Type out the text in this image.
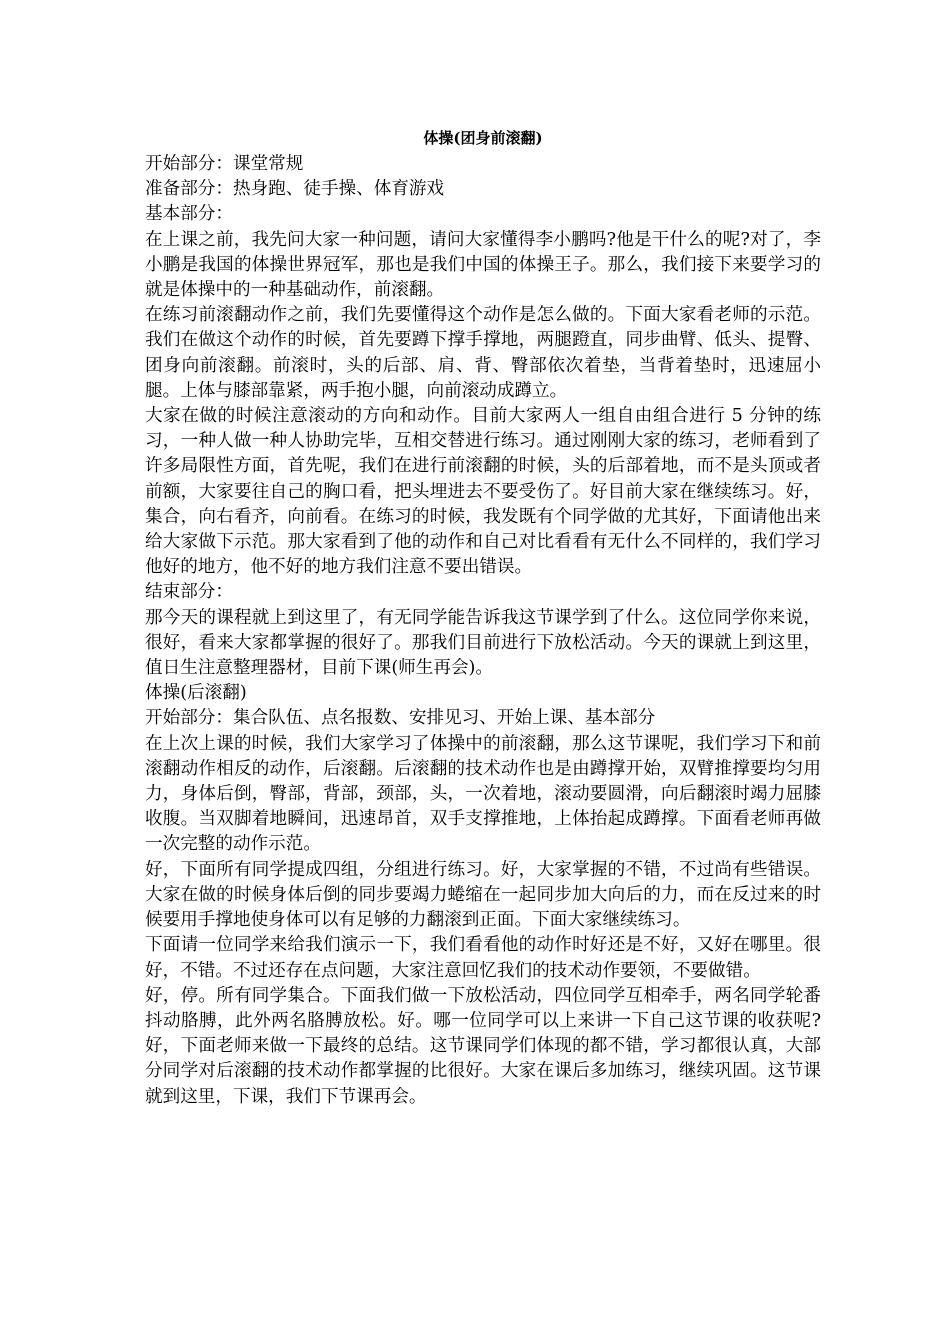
体操(团身前滚翻)

开始部分：课堂常规

准备部分：热身跑、徒手操、体育游戏

基本部分：

在上课之前，我先问大家一种问题，请问大家懂得李小鹏吗?他是干什么的呢?对了，李小鹏是我国的体操世界冠军，那也是我们中国的体操王子。那么，我们接下来要学习的就是体操中的一种基础动作，前滚翻。

在练习前滚翻动作之前，我们先要懂得这个动作是怎么做的。下面大家看老师的示范。我们在做这个动作的时候，首先要蹲下撑手撑地，两腿蹬直，同步曲臂、低头、提臀、团身向前滚翻。前滚时，头的后部、肩、背、臀部依次着垫，当背着垫时，迅速屈小腿。上体与膝部靠紧，两手抱小腿，向前滚动成蹲立。

大家在做的时候注意滚动的方向和动作。目前大家两人一组自由组合进行 5 分钟的练习，一种人做一种人协助完毕，互相交替进行练习。通过刚刚大家的练习，老师看到了许多局限性方面，首先呢，我们在进行前滚翻的时候，头的后部着地，而不是头顶或者前额，大家要往自己的胸口看，把头埋进去不要受伤了。好目前大家在继续练习。好，集合，向右看齐，向前看。在练习的时候，我发既有个同学做的尤其好，下面请他出来给大家做下示范。那大家看到了他的动作和自己对比看看有无什么不同样的，我们学习他好的地方，他不好的地方我们注意不要出错误。

结束部分：

那今天的课程就上到这里了，有无同学能告诉我这节课学到了什么。这位同学你来说，很好，看来大家都掌握的很好了。那我们目前进行下放松活动。今天的课就上到这里，值日生注意整理器材，目前下课(师生再会)。

体操(后滚翻)

开始部分：集合队伍、点名报数、安排见习、开始上课、基本部分

在上次上课的时候，我们大家学习了体操中的前滚翻，那么这节课呢，我们学习下和前滚翻动作相反的动作，后滚翻。后滚翻的技术动作也是由蹲撑开始，双臂推撑要均匀用力，身体后倒，臀部，背部，颈部，头，一次着地，滚动要圆滑，向后翻滚时竭力屈膝收腹。当双脚着地瞬间，迅速昂首，双手支撑推地，上体抬起成蹲撑。下面看老师再做一次完整的动作示范。

好，下面所有同学提成四组，分组进行练习。好，大家掌握的不错，不过尚有些错误。大家在做的时候身体后倒的同步要竭力蜷缩在一起同步加大向后的力，而在反过来的时候要用手撑地使身体可以有足够的力翻滚到正面。下面大家继续练习。

下面请一位同学来给我们演示一下，我们看看他的动作时好还是不好，又好在哪里。很好，不错。不过还存在点问题，大家注意回忆我们的技术动作要领，不要做错。

好，停。所有同学集合。下面我们做一下放松活动，四位同学互相牵手，两名同学轮番抖动胳膊，此外两名胳膊放松。好。哪一位同学可以上来讲一下自己这节课的收获呢?好，下面老师来做一下最终的总结。这节课同学们体现的都不错，学习都很认真，大部分同学对后滚翻的技术动作都掌握的比很好。大家在课后多加练习，继续巩固。这节课就到这里，下课，我们下节课再会。
